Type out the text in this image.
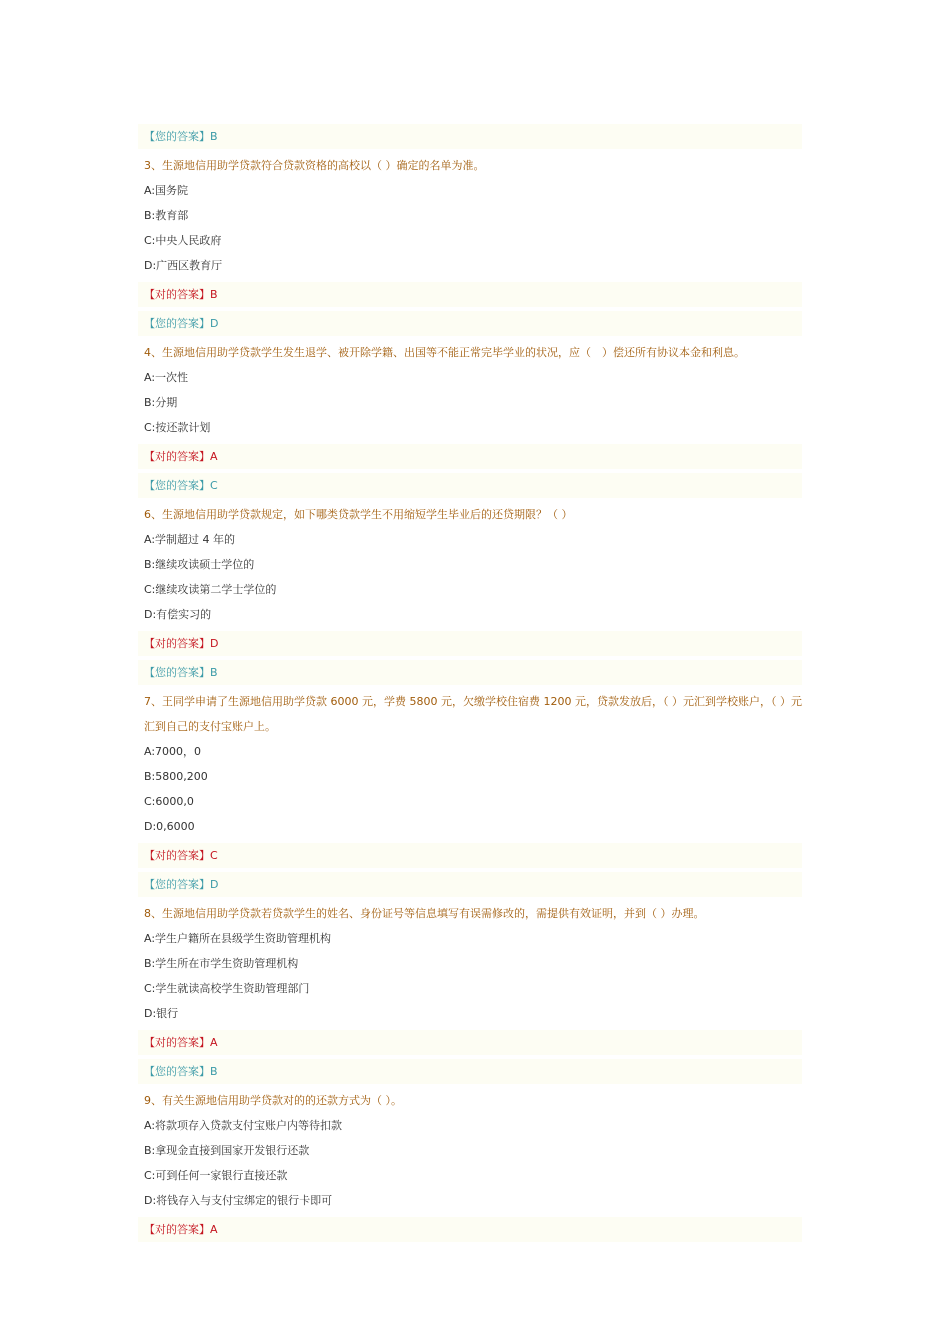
【您的答案】B
3、生源地信用助学贷款符合贷款资格的高校以（ ）确定的名单为准。
A:国务院
B:教育部
C:中央人民政府
D:广西区教育厅
【对的答案】B
【您的答案】D
4、生源地信用助学贷款学生发生退学、被开除学籍、出国等不能正常完毕学业的状况，应（　）偿还所有协议本金和利息。
A:一次性
B:分期
C:按还款计划
【对的答案】A
【您的答案】C
6、生源地信用助学贷款规定，如下哪类贷款学生不用缩短学生毕业后的还贷期限？（ ）
A:学制超过 4 年的
B:继续攻读硕士学位的
C:继续攻读第二学士学位的
D:有偿实习的
【对的答案】D
【您的答案】B
7、王同学申请了生源地信用助学贷款 6000 元，学费 5800 元，欠缴学校住宿费 1200 元，贷款发放后，（ ）元汇到学校账户，（ ）元汇到自己的支付宝账户上。
A:7000，0
B:5800,200
C:6000,0
D:0,6000
【对的答案】C
【您的答案】D
8、生源地信用助学贷款若贷款学生的姓名、身份证号等信息填写有误需修改的，需提供有效证明，并到（ ）办理。
A:学生户籍所在县级学生资助管理机构
B:学生所在市学生资助管理机构
C:学生就读高校学生资助管理部门
D:银行
【对的答案】A
【您的答案】B
9、有关生源地信用助学贷款对的的还款方式为（ ）。
A:将款项存入贷款支付宝账户内等待扣款
B:拿现金直接到国家开发银行还款
C:可到任何一家银行直接还款
D:将钱存入与支付宝绑定的银行卡即可
【对的答案】A
